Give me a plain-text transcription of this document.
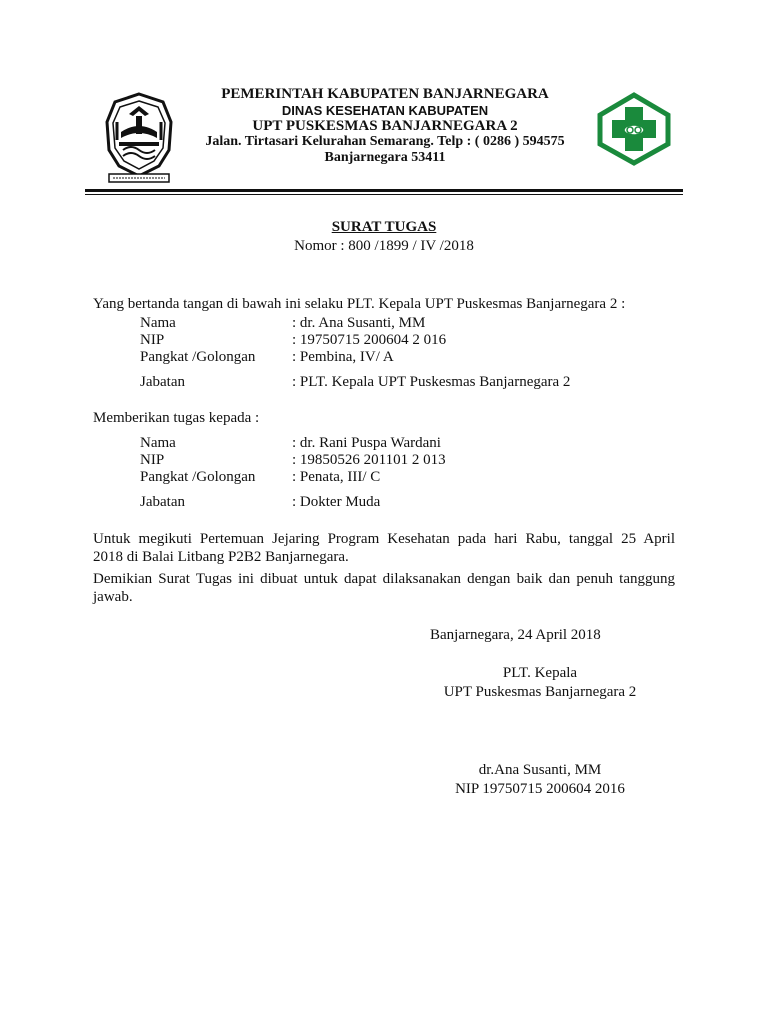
PEMERINTAH KABUPATEN BANJARNEGARA
DINAS KESEHATAN KABUPATEN
UPT PUSKESMAS BANJARNEGARA 2
Jalan. Tirtasari Kelurahan Semarang. Telp : ( 0286 ) 594575
Banjarnegara 53411
SURAT TUGAS
Nomor : 800 /1899 / IV /2018
Yang bertanda tangan di bawah ini selaku PLT. Kepala UPT Puskesmas Banjarnegara 2 :
Nama	: dr. Ana Susanti, MM
NIP	: 19750715 200604 2 016
Pangkat /Golongan : Pembina, IV/ A
Jabatan	: PLT. Kepala UPT Puskesmas Banjarnegara 2
Memberikan tugas kepada :
Nama	: dr. Rani Puspa Wardani
NIP	: 19850526 201101 2 013
Pangkat /Golongan : Penata, III/ C
Jabatan	: Dokter Muda
Untuk megikuti Pertemuan Jejaring Program Kesehatan pada hari Rabu, tanggal 25 April
2018 di Balai Litbang P2B2 Banjarnegara.
Demikian Surat Tugas ini dibuat untuk dapat dilaksanakan dengan baik dan penuh tanggung
jawab.
Banjarnegara, 24 April 2018
PLT. Kepala
UPT Puskesmas Banjarnegara 2
dr.Ana Susanti, MM
NIP 19750715 200604 2016
